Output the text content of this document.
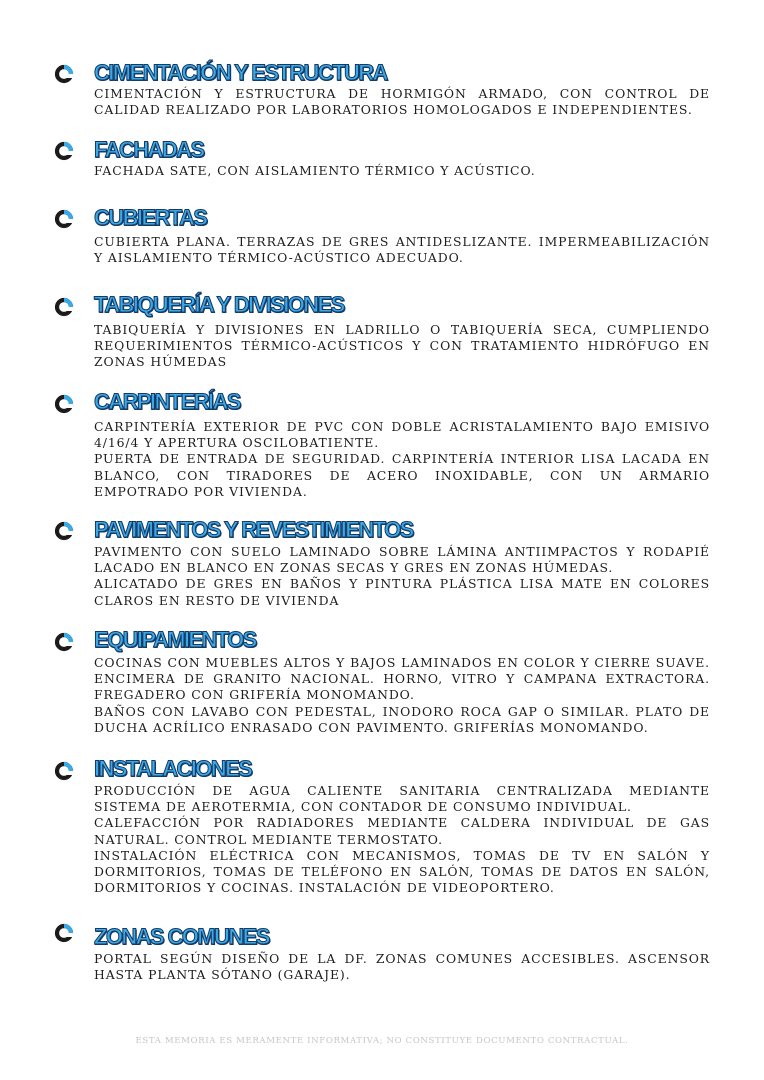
CIMENTACIÓN Y ESTRUCTURA

CIMENTACIÓN Y ESTRUCTURA DE HORMIGÓN ARMADO, CON CONTROL DE CALIDAD REALIZADO POR LABORATORIOS HOMOLOGADOS E INDEPENDIENTES.

FACHADAS

FACHADA SATE, CON AISLAMIENTO TÉRMICO Y ACÚSTICO.

CUBIERTAS

CUBIERTA PLANA. TERRAZAS DE GRES ANTIDESLIZANTE. IMPERMEABILIZACIÓN Y AISLAMIENTO TÉRMICO-ACÚSTICO ADECUADO.

TABIQUERÍA Y DIVISIONES

TABIQUERÍA Y DIVISIONES EN LADRILLO O TABIQUERÍA SECA, CUMPLIENDO REQUERIMIENTOS TÉRMICO-ACÚSTICOS Y CON TRATAMIENTO HIDRÓFUGO EN ZONAS HÚMEDAS

CARPINTERÍAS

CARPINTERÍA EXTERIOR DE PVC CON DOBLE ACRISTALAMIENTO BAJO EMISIVO 4/16/4 Y APERTURA OSCILOBATIENTE.

PUERTA DE ENTRADA DE SEGURIDAD. CARPINTERÍA INTERIOR LISA LACADA EN BLANCO, CON TIRADORES DE ACERO INOXIDABLE, CON UN ARMARIO EMPOTRADO POR VIVIENDA.

PAVIMENTOS Y REVESTIMIENTOS

PAVIMENTO CON SUELO LAMINADO SOBRE LÁMINA ANTIIMPACTOS Y RODAPIÉ LACADO EN BLANCO EN ZONAS SECAS Y GRES EN ZONAS HÚMEDAS.

ALICATADO DE GRES EN BAÑOS Y PINTURA PLÁSTICA LISA MATE EN COLORES CLAROS EN RESTO DE VIVIENDA

EQUIPAMIENTOS

COCINAS CON MUEBLES ALTOS Y BAJOS LAMINADOS EN COLOR Y CIERRE SUAVE. ENCIMERA DE GRANITO NACIONAL. HORNO, VITRO Y CAMPANA EXTRACTORA. FREGADERO CON GRIFERÍA MONOMANDO.

BAÑOS CON LAVABO CON PEDESTAL, INODORO ROCA GAP O SIMILAR. PLATO DE DUCHA ACRÍLICO ENRASADO CON PAVIMENTO. GRIFERÍAS MONOMANDO.

INSTALACIONES

PRODUCCIÓN DE AGUA CALIENTE SANITARIA CENTRALIZADA MEDIANTE SISTEMA DE AEROTERMIA, CON CONTADOR DE CONSUMO INDIVIDUAL.

CALEFACCIÓN POR RADIADORES MEDIANTE CALDERA INDIVIDUAL DE GAS NATURAL. CONTROL MEDIANTE TERMOSTATO.

INSTALACIÓN ELÉCTRICA CON MECANISMOS, TOMAS DE TV EN SALÓN Y DORMITORIOS, TOMAS DE TELÉFONO EN SALÓN, TOMAS DE DATOS EN SALÓN, DORMITORIOS Y COCINAS. INSTALACIÓN DE VIDEOPORTERO.

ZONAS COMUNES

PORTAL SEGÚN DISEÑO DE LA DF. ZONAS COMUNES ACCESIBLES. ASCENSOR HASTA PLANTA SÓTANO (GARAJE).

ESTA MEMORIA ES MERAMENTE INFORMATIVA; NO CONSTITUYE DOCUMENTO CONTRACTUAL.
